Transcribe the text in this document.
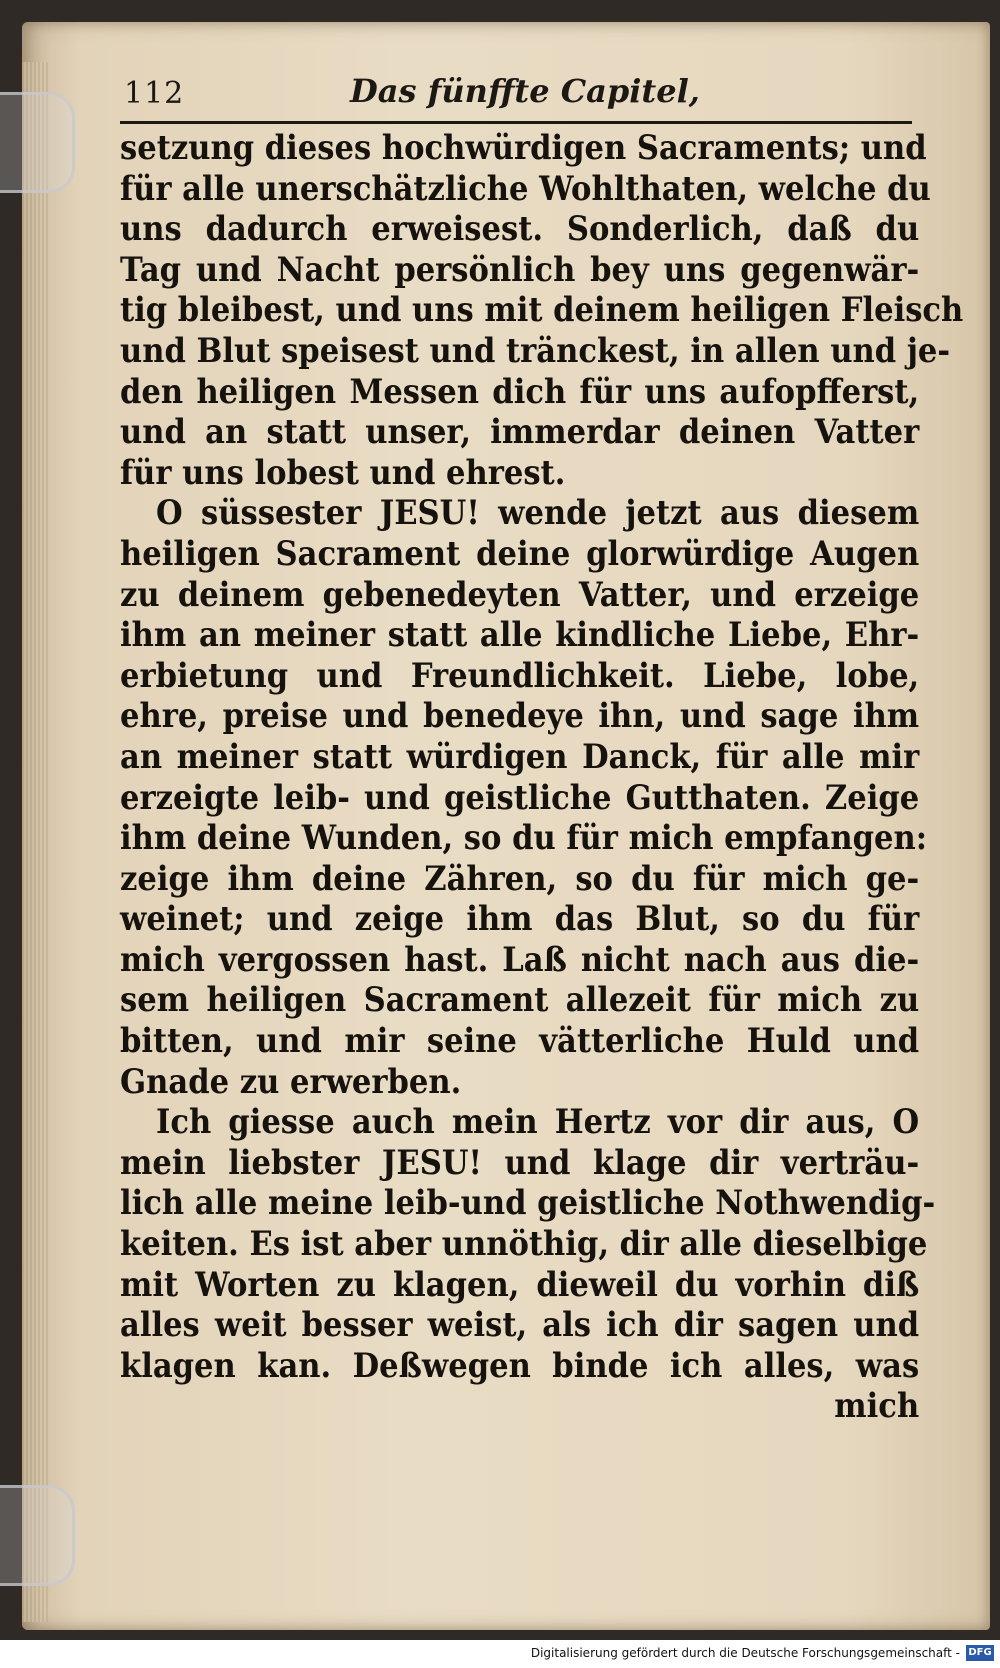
112	Das fünffte Capitel,
setzung dieses hochwürdigen Sacraments; und
für alle unerschätzliche Wohlthaten, welche du
uns dadurch erweisest. Sonderlich, daß du
Tag und Nacht persönlich bey uns gegenwär-
tig bleibest, und uns mit deinem heiligen Fleisch
und Blut speisest und tränckest, in allen und je-
den heiligen Messen dich für uns aufopfferst,
und an statt unser, immerdar deinen Vatter
für uns lobest und ehrest.
O süssester JESU! wende jetzt aus diesem
heiligen Sacrament deine glorwürdige Augen
zu deinem gebenedeyten Vatter, und erzeige
ihm an meiner statt alle kindliche Liebe, Ehr-
erbietung und Freundlichkeit. Liebe, lobe,
ehre, preise und benedeye ihn, und sage ihm
an meiner statt würdigen Danck, für alle mir
erzeigte leib- und geistliche Gutthaten. Zeige
ihm deine Wunden, so du für mich empfangen:
zeige ihm deine Zähren, so du für mich ge-
weinet; und zeige ihm das Blut, so du für
mich vergossen hast. Laß nicht nach aus die-
sem heiligen Sacrament allezeit für mich zu
bitten, und mir seine vätterliche Huld und
Gnade zu erwerben.
Ich giesse auch mein Hertz vor dir aus, O
mein liebster JESU! und klage dir verträu-
lich alle meine leib-und geistliche Nothwendig-
keiten. Es ist aber unnöthig, dir alle dieselbige
mit Worten zu klagen, dieweil du vorhin diß
alles weit besser weist, als ich dir sagen und
klagen kan. Deßwegen binde ich alles, was
mich
Digitalisierung gefördert durch die Deutsche Forschungsgemeinschaft - DFG
